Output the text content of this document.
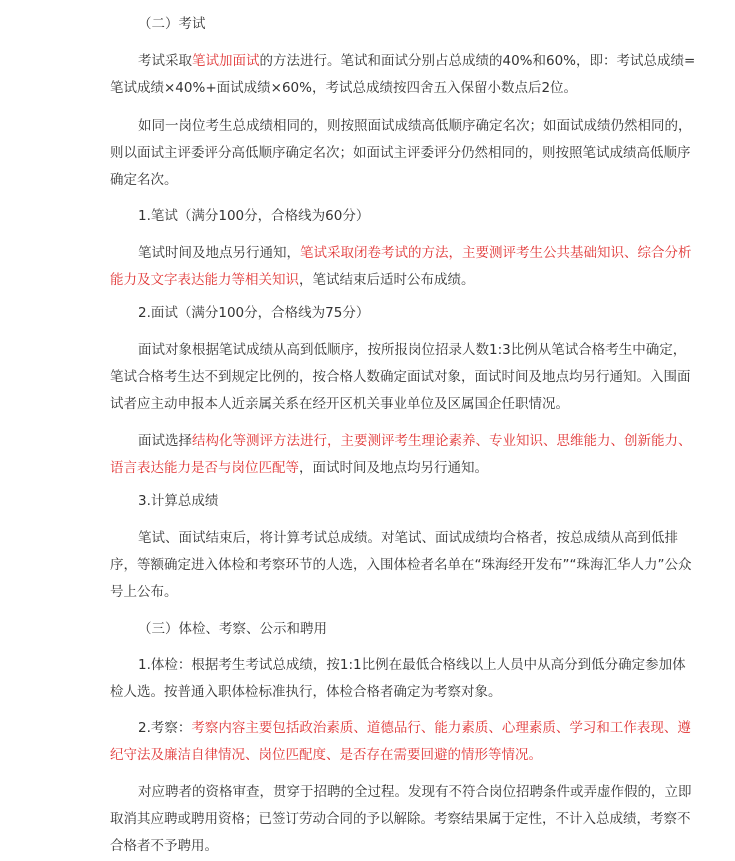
（二）考试
考试采取笔试加面试的方法进行。笔试和面试分别占总成绩的40%和60%，即：考试总成绩=
笔试成绩×40%+面试成绩×60%，考试总成绩按四舍五入保留小数点后2位。
如同一岗位考生总成绩相同的，则按照面试成绩高低顺序确定名次；如面试成绩仍然相同的，
则以面试主评委评分高低顺序确定名次；如面试主评委评分仍然相同的，则按照笔试成绩高低顺序
确定名次。
1.笔试（满分100分，合格线为60分）
笔试时间及地点另行通知，笔试采取闭卷考试的方法，主要测评考生公共基础知识、综合分析
能力及文字表达能力等相关知识，笔试结束后适时公布成绩。
2.面试（满分100分，合格线为75分）
面试对象根据笔试成绩从高到低顺序，按所报岗位招录人数1:3比例从笔试合格考生中确定，
笔试合格考生达不到规定比例的，按合格人数确定面试对象，面试时间及地点均另行通知。入围面
试者应主动申报本人近亲属关系在经开区机关事业单位及区属国企任职情况。
面试选择结构化等测评方法进行，主要测评考生理论素养、专业知识、思维能力、创新能力、
语言表达能力是否与岗位匹配等，面试时间及地点均另行通知。
3.计算总成绩
笔试、面试结束后，将计算考试总成绩。对笔试、面试成绩均合格者，按总成绩从高到低排
序，等额确定进入体检和考察环节的人选，入围体检者名单在“珠海经开发布”“珠海汇华人力”公众
号上公布。
（三）体检、考察、公示和聘用
1.体检：根据考生考试总成绩，按1:1比例在最低合格线以上人员中从高分到低分确定参加体
检人选。按普通入职体检标准执行，体检合格者确定为考察对象。
2.考察：考察内容主要包括政治素质、道德品行、能力素质、心理素质、学习和工作表现、遵
纪守法及廉洁自律情况、岗位匹配度、是否存在需要回避的情形等情况。
对应聘者的资格审查，贯穿于招聘的全过程。发现有不符合岗位招聘条件或弄虚作假的，立即
取消其应聘或聘用资格；已签订劳动合同的予以解除。考察结果属于定性，不计入总成绩，考察不
合格者不予聘用。
